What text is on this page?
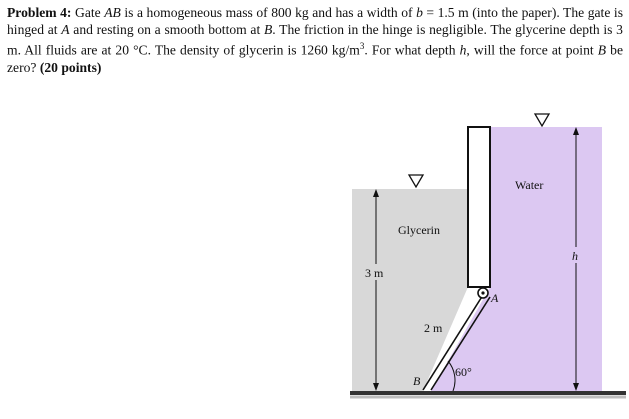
Problem 4: Gate AB is a homogeneous mass of 800 kg and has a width of b = 1.5 m (into the paper). The gate is hinged at A and resting on a smooth bottom at B. The friction in the hinge is negligible. The glycerine depth is 3 m. All fluids are at 20 °C. The density of glycerin is 1260 $kg/m^3$. For what depth h, will the force at point B be zero? (20 points)
Glycerin
Water
3 m
h
2 m
60°
A
B
